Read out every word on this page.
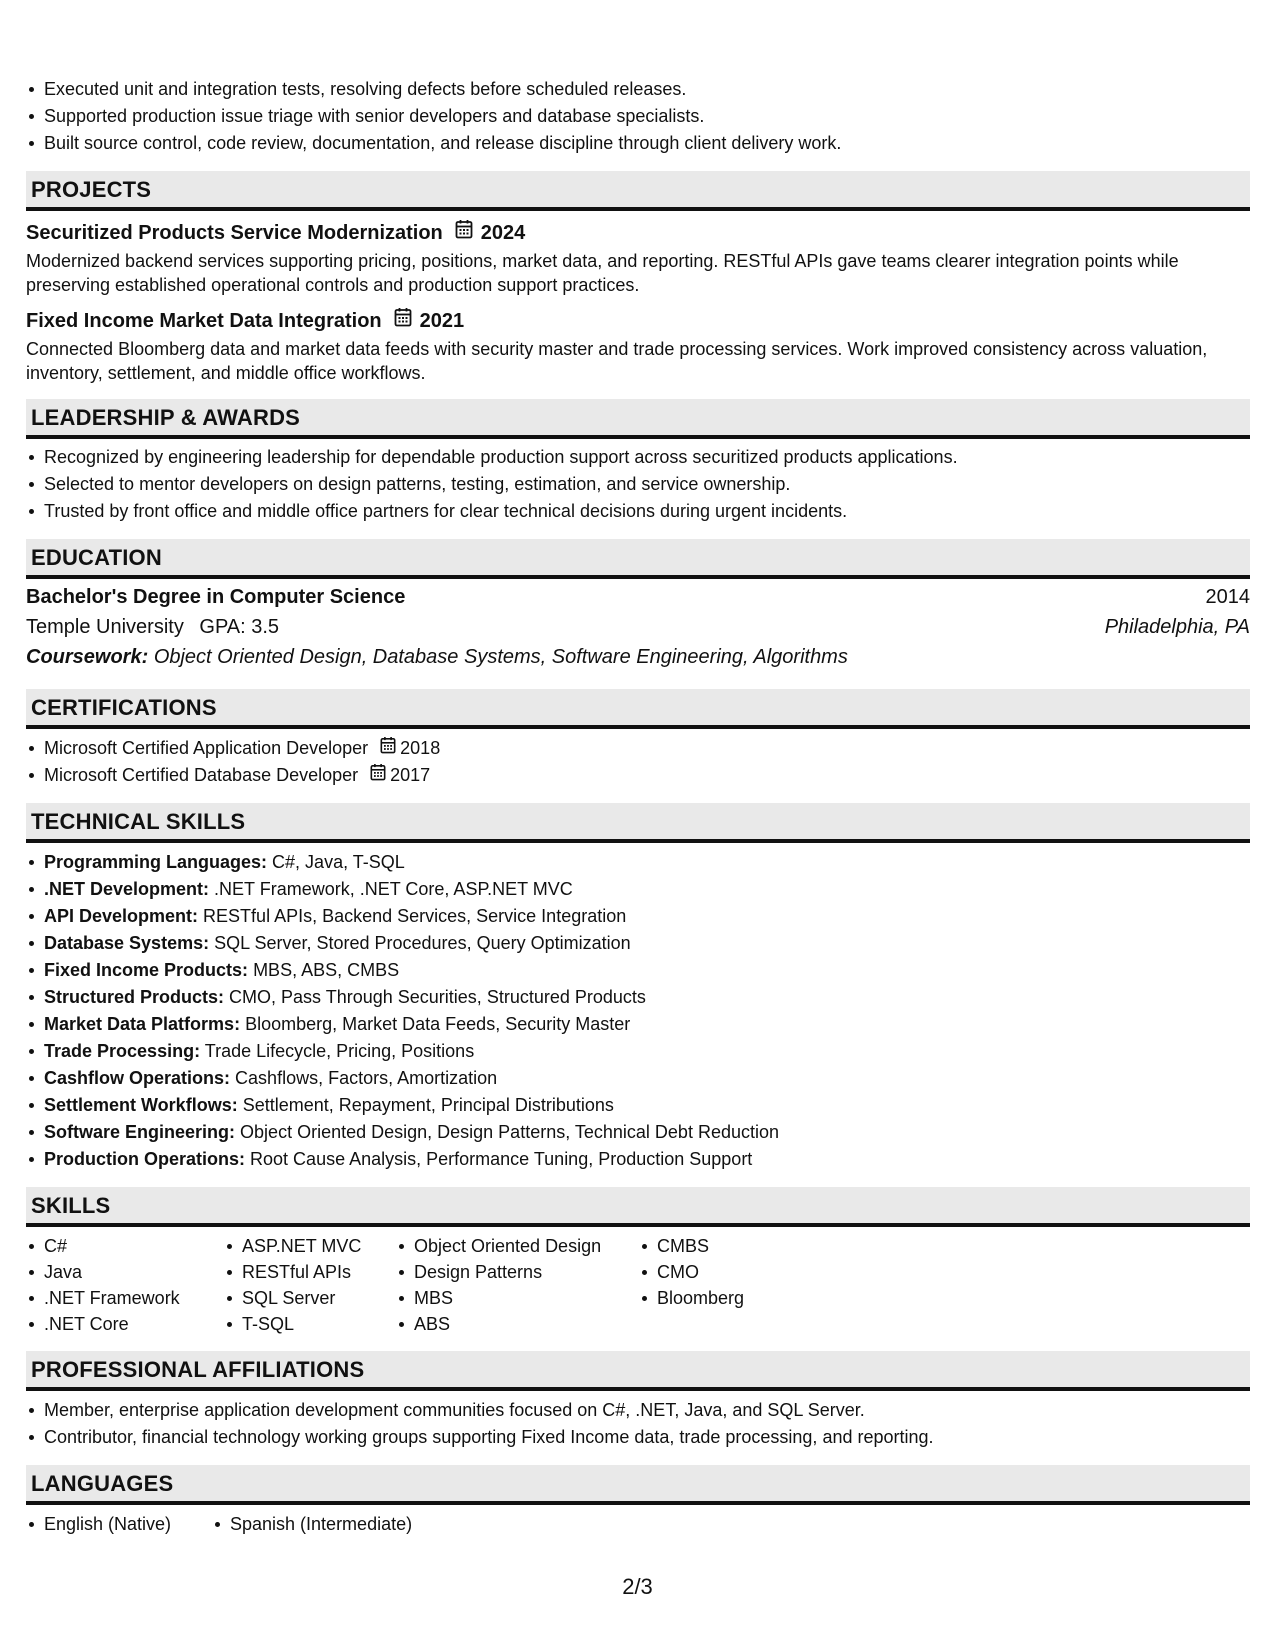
Executed unit and integration tests, resolving defects before scheduled releases.
Supported production issue triage with senior developers and database specialists.
Built source control, code review, documentation, and release discipline through client delivery work.
PROJECTS
Securitized Products Service Modernization 2024

Modernized backend services supporting pricing, positions, market data, and reporting. RESTful APIs gave teams clearer integration points while preserving established operational controls and production support practices.

Fixed Income Market Data Integration 2021

Connected Bloomberg data and market data feeds with security master and trade processing services. Work improved consistency across valuation, inventory, settlement, and middle office workflows.

LEADERSHIP & AWARDS
Recognized by engineering leadership for dependable production support across securitized products applications.
Selected to mentor developers on design patterns, testing, estimation, and service ownership.
Trusted by front office and middle office partners for clear technical decisions during urgent incidents.
EDUCATION
Bachelor's Degree in Computer Science	2014
Temple University GPA: 3.5	Philadelphia, PA
Coursework: Object Oriented Design, Database Systems, Software Engineering, Algorithms
CERTIFICATIONS
Microsoft Certified Application Developer 2018
Microsoft Certified Database Developer 2017
TECHNICAL SKILLS
Programming Languages: C#, Java, T-SQL
.NET Development: .NET Framework, .NET Core, ASP.NET MVC
API Development: RESTful APIs, Backend Services, Service Integration
Database Systems: SQL Server, Stored Procedures, Query Optimization
Fixed Income Products: MBS, ABS, CMBS
Structured Products: CMO, Pass Through Securities, Structured Products
Market Data Platforms: Bloomberg, Market Data Feeds, Security Master
Trade Processing: Trade Lifecycle, Pricing, Positions
Cashflow Operations: Cashflows, Factors, Amortization
Settlement Workflows: Settlement, Repayment, Principal Distributions
Software Engineering: Object Oriented Design, Design Patterns, Technical Debt Reduction
Production Operations: Root Cause Analysis, Performance Tuning, Production Support
SKILLS
C#
Java
.NET Framework
.NET Core
ASP.NET MVC
RESTful APIs
SQL Server
T-SQL
Object Oriented Design
Design Patterns
MBS
ABS
CMBS
CMO
Bloomberg
PROFESSIONAL AFFILIATIONS
Member, enterprise application development communities focused on C#, .NET, Java, and SQL Server.
Contributor, financial technology working groups supporting Fixed Income data, trade processing, and reporting.
LANGUAGES
English (Native)	Spanish (Intermediate)
2/3
